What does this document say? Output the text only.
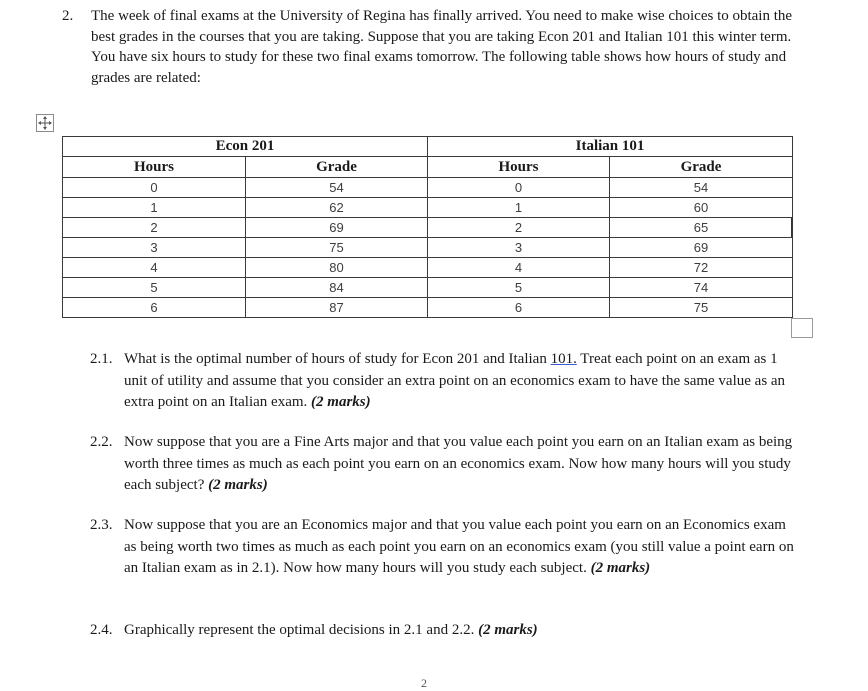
2. The week of final exams at the University of Regina has finally arrived. You need to make wise choices to obtain the best grades in the courses that you are taking. Suppose that you are taking Econ 201 and Italian 101 this winter term. You have six hours to study for these two final exams tomorrow. The following table shows how hours of study and grades are related:
Econ 201		Italian 101	
Hours	Grade	Hours	Grade
0	54	0	54
1	62	1	60
2	69	2	65
3	75	3	69
4	80	4	72
5	84	5	74
6	87	6	75
2.1. What is the optimal number of hours of study for Econ 201 and Italian 101. Treat each point on an exam as 1 unit of utility and assume that you consider an extra point on an economics exam to have the same value as an extra point on an Italian exam. (2 marks)
2.2. Now suppose that you are a Fine Arts major and that you value each point you earn on an Italian exam as being worth three times as much as each point you earn on an economics exam. Now how many hours will you study each subject? (2 marks)
2.3. Now suppose that you are an Economics major and that you value each point you earn on an Economics exam as being worth two times as much as each point you earn on an economics exam (you still value a point earn on an Italian exam as in 2.1). Now how many hours will you study each subject. (2 marks)
2.4. Graphically represent the optimal decisions in 2.1 and 2.2. (2 marks)
2
